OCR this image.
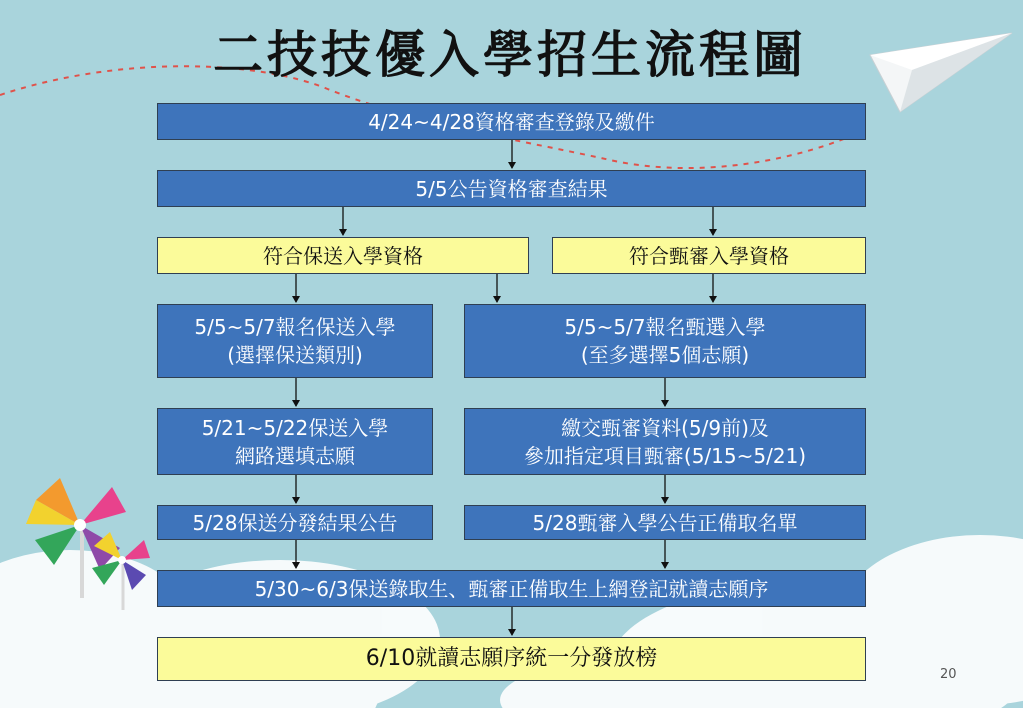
二技技優入學招生流程圖
4/24~4/28資格審查登錄及繳件
5/5公告資格審查結果
符合保送入學資格	符合甄審入學資格
5/5~5/7報名保送入學
(選擇保送類別)
5/5~5/7報名甄選入學
(至多選擇5個志願)
5/21~5/22保送入學
網路選填志願
繳交甄審資料(5/9前)及
參加指定項目甄審(5/15~5/21)
5/28保送分發結果公告	5/28甄審入學公告正備取名單
5/30~6/3保送錄取生、甄審正備取生上網登記就讀志願序
6/10就讀志願序統一分發放榜
20
